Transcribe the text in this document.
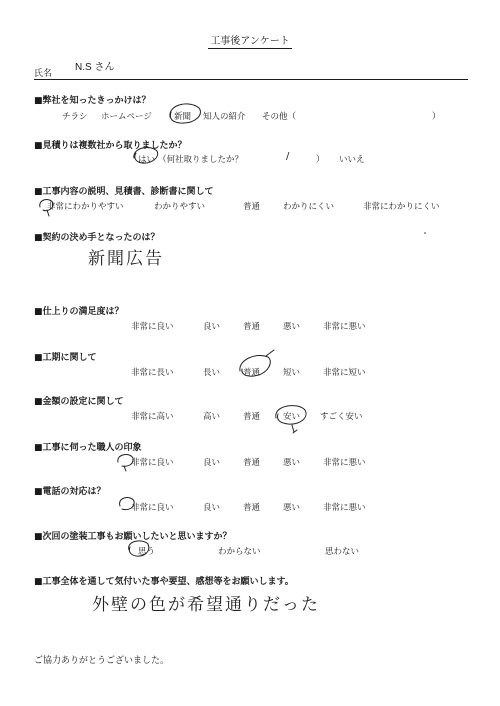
工事後アンケート
氏名
N.S さん
■弊社を知ったきっかけは？
チラシ ホームページ	新聞 知人の紹介 その他（	）
■見積りは複数社から取りましたか？
はい （何社取りましたか？	/	） いいえ
■工事内容の説明、見積書、診断書に関して
非常にわかりやすい	わかりやすい	普通	わかりにくい	非常にわかりにくい
■契約の決め手となったのは？
新聞広告
■仕上りの満足度は？
非常に良い	良い	普通	悪い	非常に悪い
■工期に関して
非常に長い	長い	普通	短い	非常に短い
■金額の設定に関して
非常に高い	高い	普通	安い すごく安い
■工事に伺った職人の印象
非常に良い	良い	普通	悪い	非常に悪い
■電話の対応は？
非常に良い	良い	普通	悪い	非常に悪い
■次回の塗装工事もお願いしたいと思いますか？
思う	わからない	思わない
■工事全体を通して気付いた事や要望、感想等をお願いします。
外壁の色が希望通りだった
ご協力ありがとうございました。
